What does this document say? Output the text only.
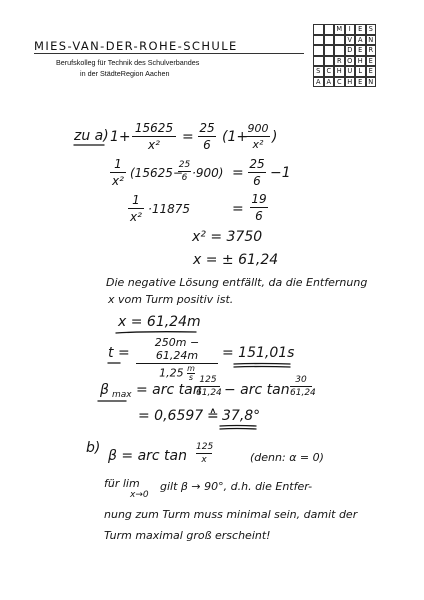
MIES-VAN-DER-ROHE-SCHULE
Berufskolleg für Technik des Schulverbandes
in der StädteRegion Aachen
M	I	E S
V A N
D E R
R O H E
S C H U L E
A A C H E N
zu a) 1+
15625
x²	=
25
6 (1+
900
x² )
1
x²
(15625−
25
6 ·900) =
25
6 −1
1
x²
·11875	=
19
6
x² = 3750
x = ± 61,24
Die negative Lösung entfällt, da die Entfernung
x vom Turm positiv ist.
x = 61,24m
t =
250m − 61,24m
$1,25 \frac{m}{s}$
= 151,01s
β max = arc tan
125
61,24 − arc tan
30
61,24
= 0,6597 ≙ 37,8°
b) β = arc tan
125
x	(denn: α = 0)
für lim
x→0
gilt β → 90°, d.h. die Entfer-
nung zum Turm muss minimal sein, damit der
Turm maximal groß erscheint!
